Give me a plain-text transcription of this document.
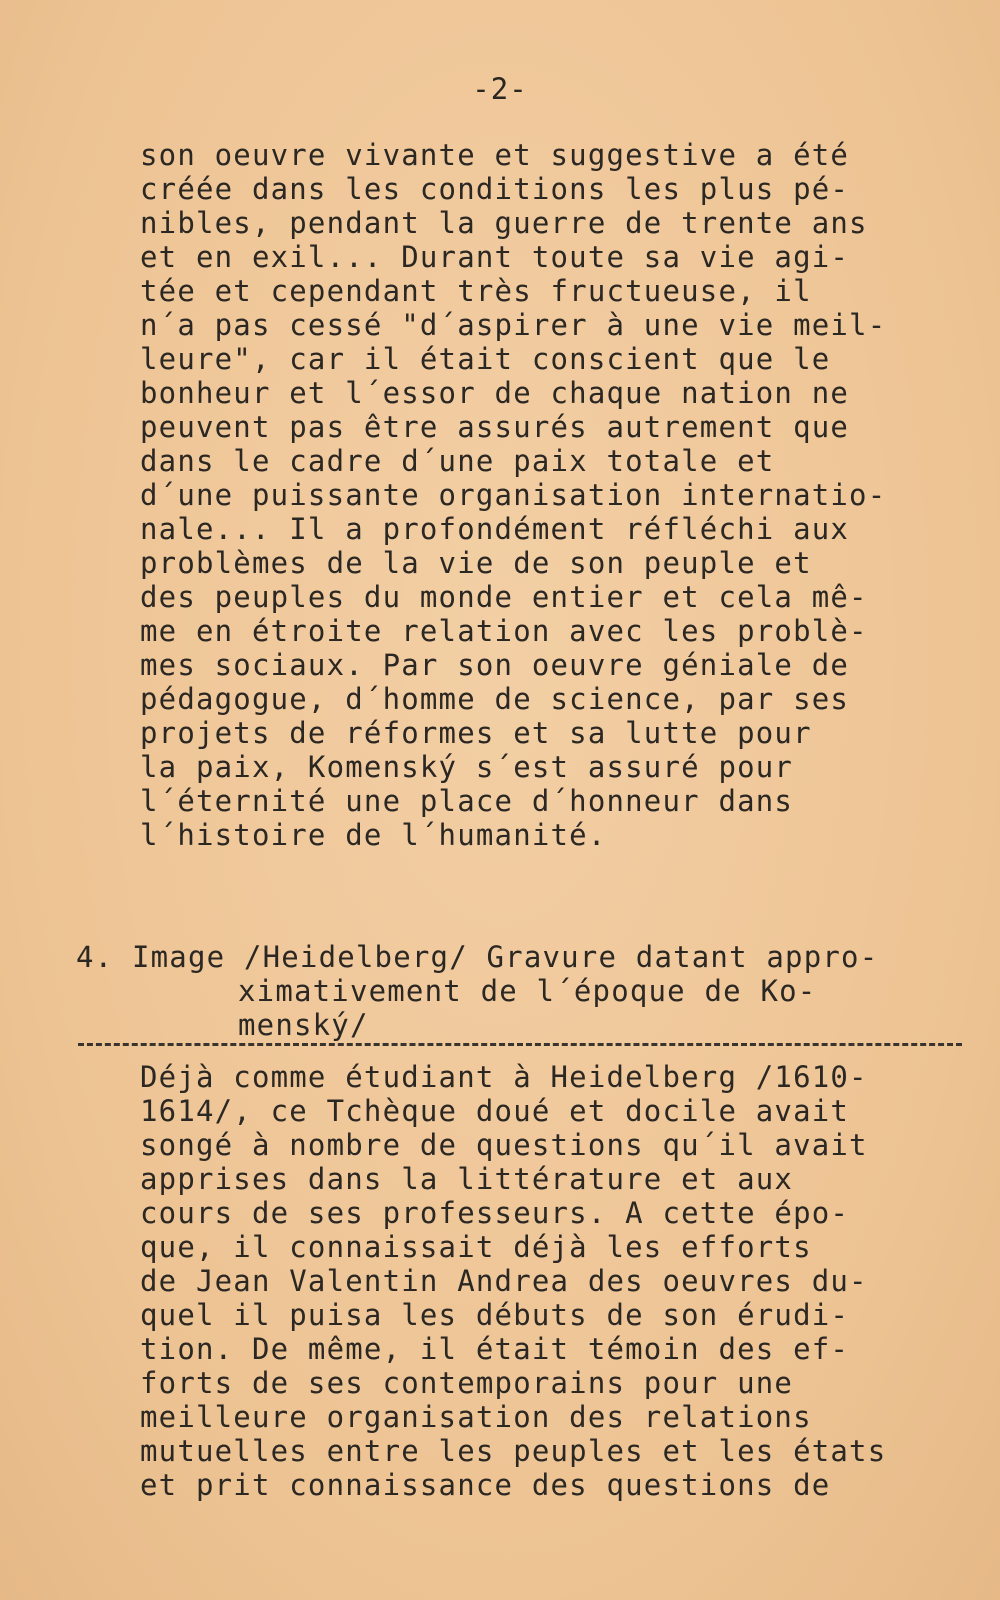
-2-
son oeuvre vivante et suggestive a été
créée dans les conditions les plus pé-
nibles, pendant la guerre de trente ans
et en exil... Durant toute sa vie agi-
tée et cependant très fructueuse, il
n´a pas cessé "d´aspirer à une vie meil-
leure", car il était conscient que le
bonheur et l´essor de chaque nation ne
peuvent pas être assurés autrement que
dans le cadre d´une paix totale et
d´une puissante organisation internatio-
nale... Il a profondément réfléchi aux
problèmes de la vie de son peuple et
des peuples du monde entier et cela mê-
me en étroite relation avec les problè-
mes sociaux. Par son oeuvre géniale de
pédagogue, d´homme de science, par ses
projets de réformes et sa lutte pour
la paix, Komenský s´est assuré pour
l´éternité une place d´honneur dans
l´histoire de l´humanité.
4. Image /Heidelberg/ Gravure datant appro-
ximativement de l´époque de Ko-
menský/
Déjà comme étudiant à Heidelberg /1610-
1614/, ce Tchèque doué et docile avait
songé à nombre de questions qu´il avait
apprises dans la littérature et aux
cours de ses professeurs. A cette épo-
que, il connaissait déjà les efforts
de Jean Valentin Andrea des oeuvres du-
quel il puisa les débuts de son érudi-
tion. De même, il était témoin des ef-
forts de ses contemporains pour une
meilleure organisation des relations
mutuelles entre les peuples et les états
et prit connaissance des questions de
